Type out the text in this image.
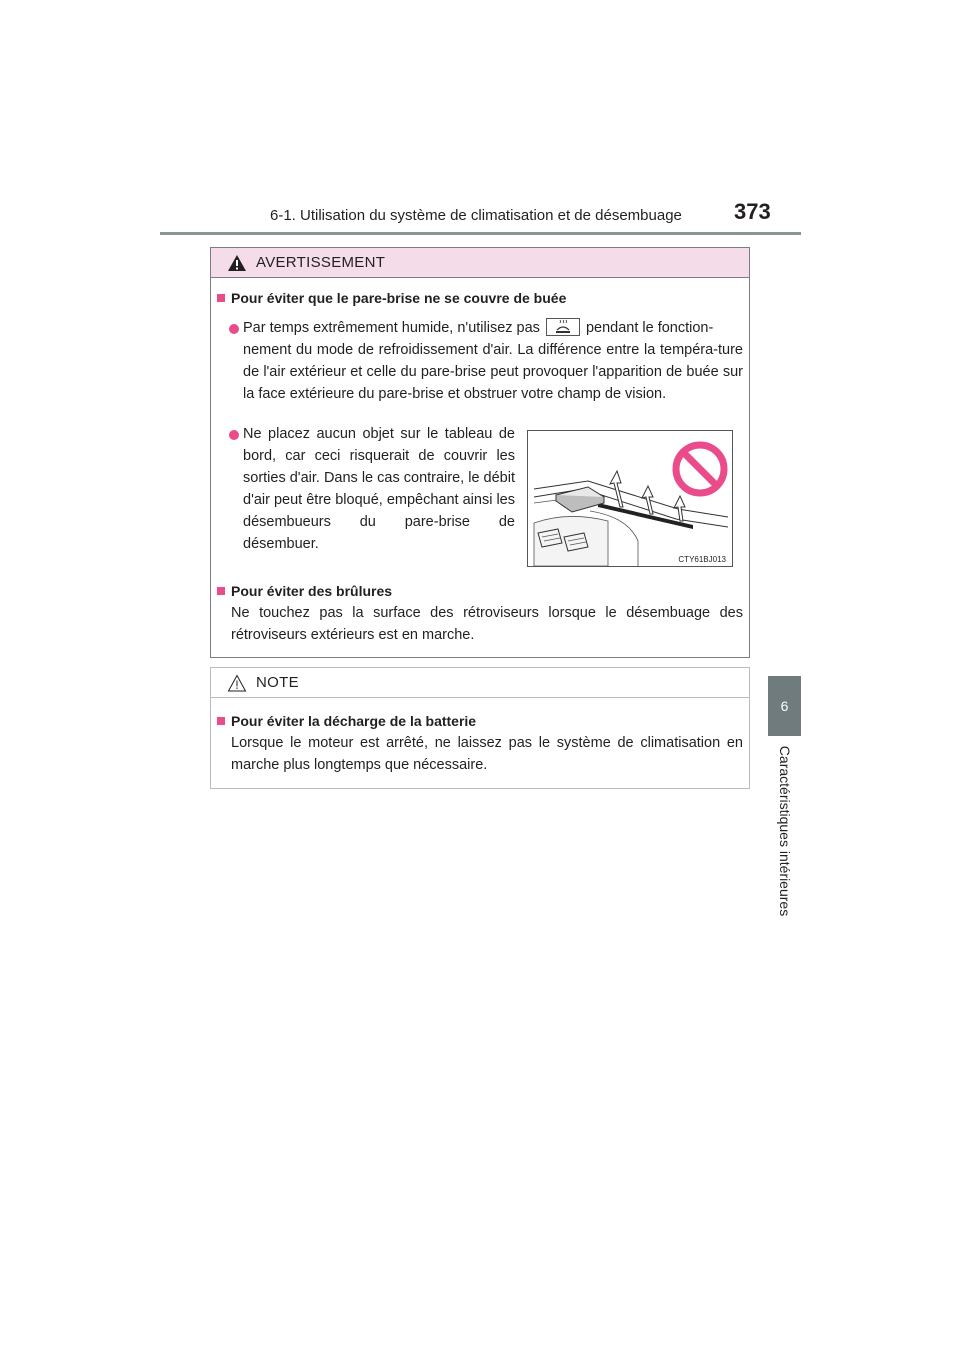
6-1. Utilisation du système de climatisation et de désembuage 373
6
Caractéristiques intérieures
AVERTISSEMENT
Pour éviter que le pare-brise ne se couvre de buée
Par temps extrêmement humide, n'utilisez pas	pendant le fonction-
nement du mode de refroidissement d'air. La différence entre la tempéra-ture de l'air extérieur et celle du pare-brise peut provoquer l'apparition de buée sur la face extérieure du pare-brise et obstruer votre champ de vision.
Ne placez aucun objet sur le tableau de bord, car ceci risquerait de couvrir les sorties d'air. Dans le cas contraire, le débit d'air peut être bloqué, empêchant ainsi les désembueurs du pare-brise de désembuer.
CTY61BJ013
Pour éviter des brûlures
Ne touchez pas la surface des rétroviseurs lorsque le désembuage des rétroviseurs extérieurs est en marche.
NOTE
Pour éviter la décharge de la batterie
Lorsque le moteur est arrêté, ne laissez pas le système de climatisation en marche plus longtemps que nécessaire.
